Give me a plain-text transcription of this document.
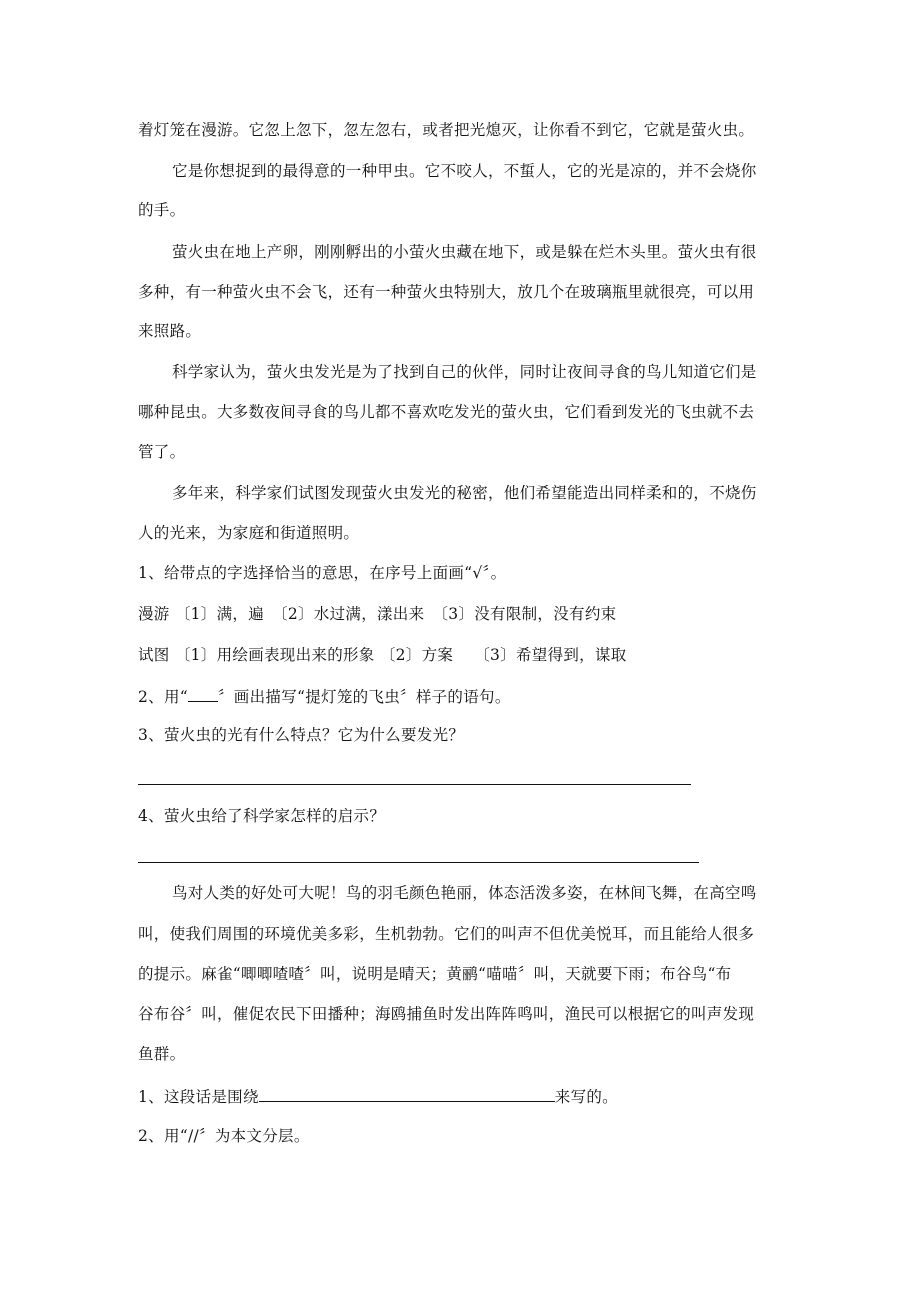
着灯笼在漫游。它忽上忽下，忽左忽右，或者把光熄灭，让你看不到它，它就是萤火虫。
它是你想捉到的最得意的一种甲虫。它不咬人，不蜇人，它的光是凉的，并不会烧你
的手。
萤火虫在地上产卵，刚刚孵出的小萤火虫藏在地下，或是躲在烂木头里。萤火虫有很
多种，有一种萤火虫不会飞，还有一种萤火虫特别大，放几个在玻璃瓶里就很亮，可以用
来照路。
科学家认为，萤火虫发光是为了找到自己的伙伴，同时让夜间寻食的鸟儿知道它们是
哪种昆虫。大多数夜间寻食的鸟儿都不喜欢吃发光的萤火虫，它们看到发光的飞虫就不去
管了。
多年来，科学家们试图发现萤火虫发光的秘密，他们希望能造出同样柔和的，不烧伤
人的光来，为家庭和街道照明。
1、给带点的字选择恰当的意思，在序号上面画“√〞。
漫游 〔1〕满，遍　〔2〕水过满，漾出来　〔3〕没有限制，没有约束
试图 〔1〕用绘画表现出来的形象 〔2〕方案　 〔3〕希望得到，谋取
2、用“ 〞画出描写“提灯笼的飞虫〞样子的语句。
3、萤火虫的光有什么特点？它为什么要发光？
4、萤火虫给了科学家怎样的启示？
鸟对人类的好处可大呢！鸟的羽毛颜色艳丽，体态活泼多姿，在林间飞舞，在高空鸣
叫，使我们周围的环境优美多彩，生机勃勃。它们的叫声不但优美悦耳，而且能给人很多
的提示。麻雀“唧唧喳喳〞叫，说明是晴天；黄鹂“喵喵〞叫，天就要下雨；布谷鸟“布
谷布谷〞叫，催促农民下田播种；海鸥捕鱼时发出阵阵鸣叫，渔民可以根据它的叫声发现
鱼群。
1、这段话是围绕	来写的。
2、用“//〞为本文分层。
